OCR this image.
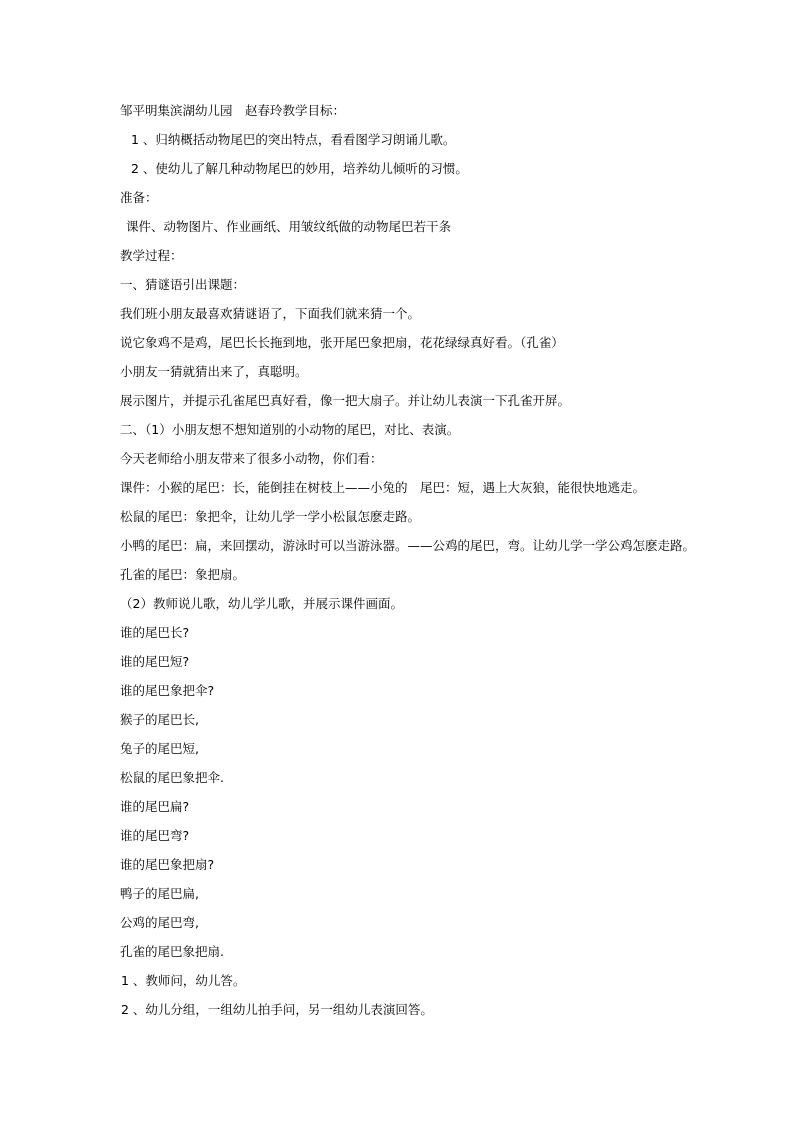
邹平明集滨湖幼儿园　赵春玲教学目标：
1 、归纳概括动物尾巴的突出特点，看看图学习朗诵儿歌。
2 、使幼儿了解几种动物尾巴的妙用，培养幼儿倾听的习惯。
准备：
课件、动物图片、作业画纸、用皱纹纸做的动物尾巴若干条
教学过程：
一、猜谜语引出课题：
我们班小朋友最喜欢猜谜语了，下面我们就来猜一个。
说它象鸡不是鸡，尾巴长长拖到地，张开尾巴象把扇，花花绿绿真好看。（孔雀）
小朋友一猜就猜出来了，真聪明。
展示图片，并提示孔雀尾巴真好看，像一把大扇子。并让幼儿表演一下孔雀开屏。
二、（1）小朋友想不想知道别的小动物的尾巴，对比、表演。
今天老师给小朋友带来了很多小动物，你们看：
课件：小猴的尾巴：长，能倒挂在树枝上——小兔的　尾巴：短，遇上大灰狼，能很快地逃走。
松鼠的尾巴：象把伞，让幼儿学一学小松鼠怎麽走路。
小鸭的尾巴：扁，来回摆动，游泳时可以当游泳器。——公鸡的尾巴，弯。让幼儿学一学公鸡怎麽走路。
孔雀的尾巴：象把扇。
（2）教师说儿歌，幼儿学儿歌，并展示课件画面。
谁的尾巴长?
谁的尾巴短?
谁的尾巴象把伞?
猴子的尾巴长,
兔子的尾巴短,
松鼠的尾巴象把伞.
谁的尾巴扁?
谁的尾巴弯?
谁的尾巴象把扇?
鸭子的尾巴扁,
公鸡的尾巴弯,
孔雀的尾巴象把扇.
1 、教师问，幼儿答。
2 、幼儿分组，一组幼儿拍手问，另一组幼儿表演回答。
